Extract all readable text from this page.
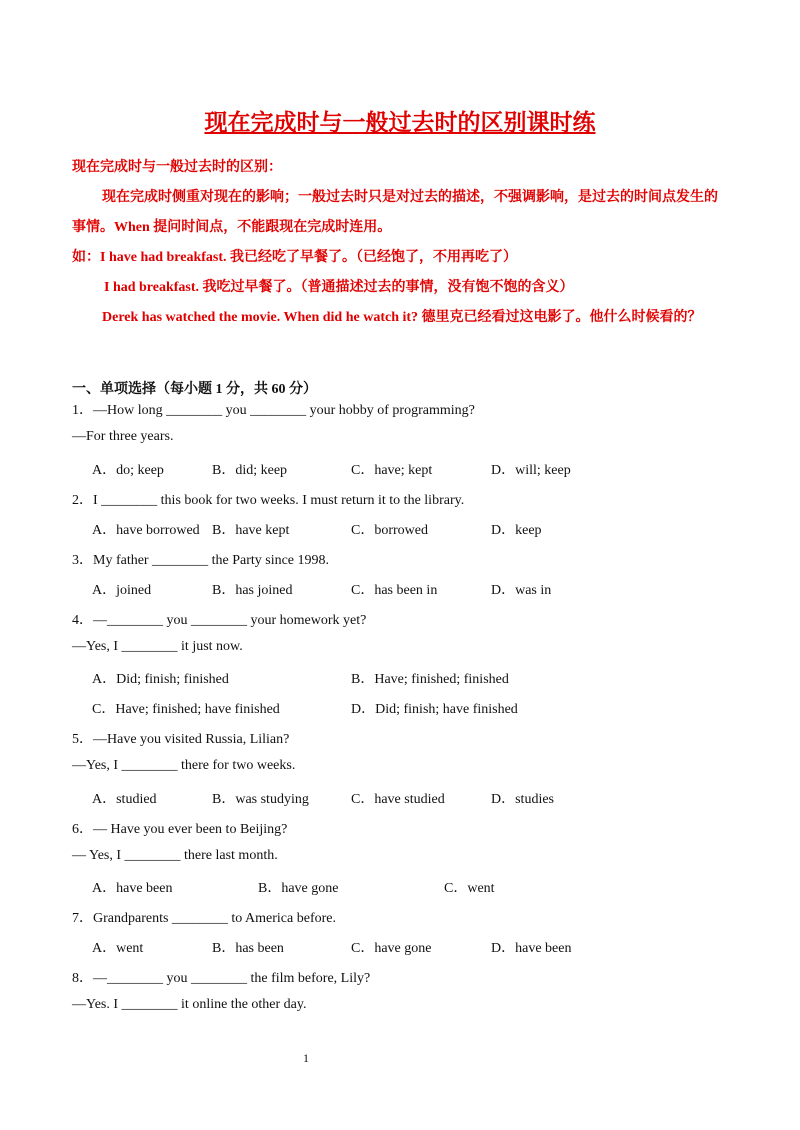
现在完成时与一般过去时的区别课时练
现在完成时与一般过去时的区别：
现在完成时侧重对现在的影响；一般过去时只是对过去的描述，不强调影响，是过去的时间点发生的
事情。When 提问时间点，不能跟现在完成时连用。
如：I have had breakfast. 我已经吃了早餐了。（已经饱了，不用再吃了）
I had breakfast. 我吃过早餐了。（普通描述过去的事情，没有饱不饱的含义）
Derek has watched the movie. When did he watch it? 德里克已经看过这电影了。他什么时候看的？
一、单项选择（每小题 1 分，共 60 分）
1．—How long ________ you ________ your hobby of programming?
—For three years.
A．do; keep	B．did; keep	C．have; kept	D．will; keep
2．I ________ this book for two weeks. I must return it to the library.
A．have borrowed B．have kept	C．borrowed	D．keep
3．My father ________ the Party since 1998.
A．joined	B．has joined	C．has been in	D．was in
4．—________ you ________ your homework yet?
—Yes, I ________ it just now.
A．Did; finish; finished	B．Have; finished; finished
C．Have; finished; have finished	D．Did; finish; have finished
5．—Have you visited Russia, Lilian?
—Yes, I ________ there for two weeks.
A．studied	B．was studying	C．have studied	D．studies
6．— Have you ever been to Beijing?
— Yes, I ________ there last month.
A．have been	B．have gone	C．went
7．Grandparents ________ to America before.
A．went	B．has been	C．have gone	D．have been
8．—________ you ________ the film before, Lily?
—Yes. I ________ it online the other day.
1
